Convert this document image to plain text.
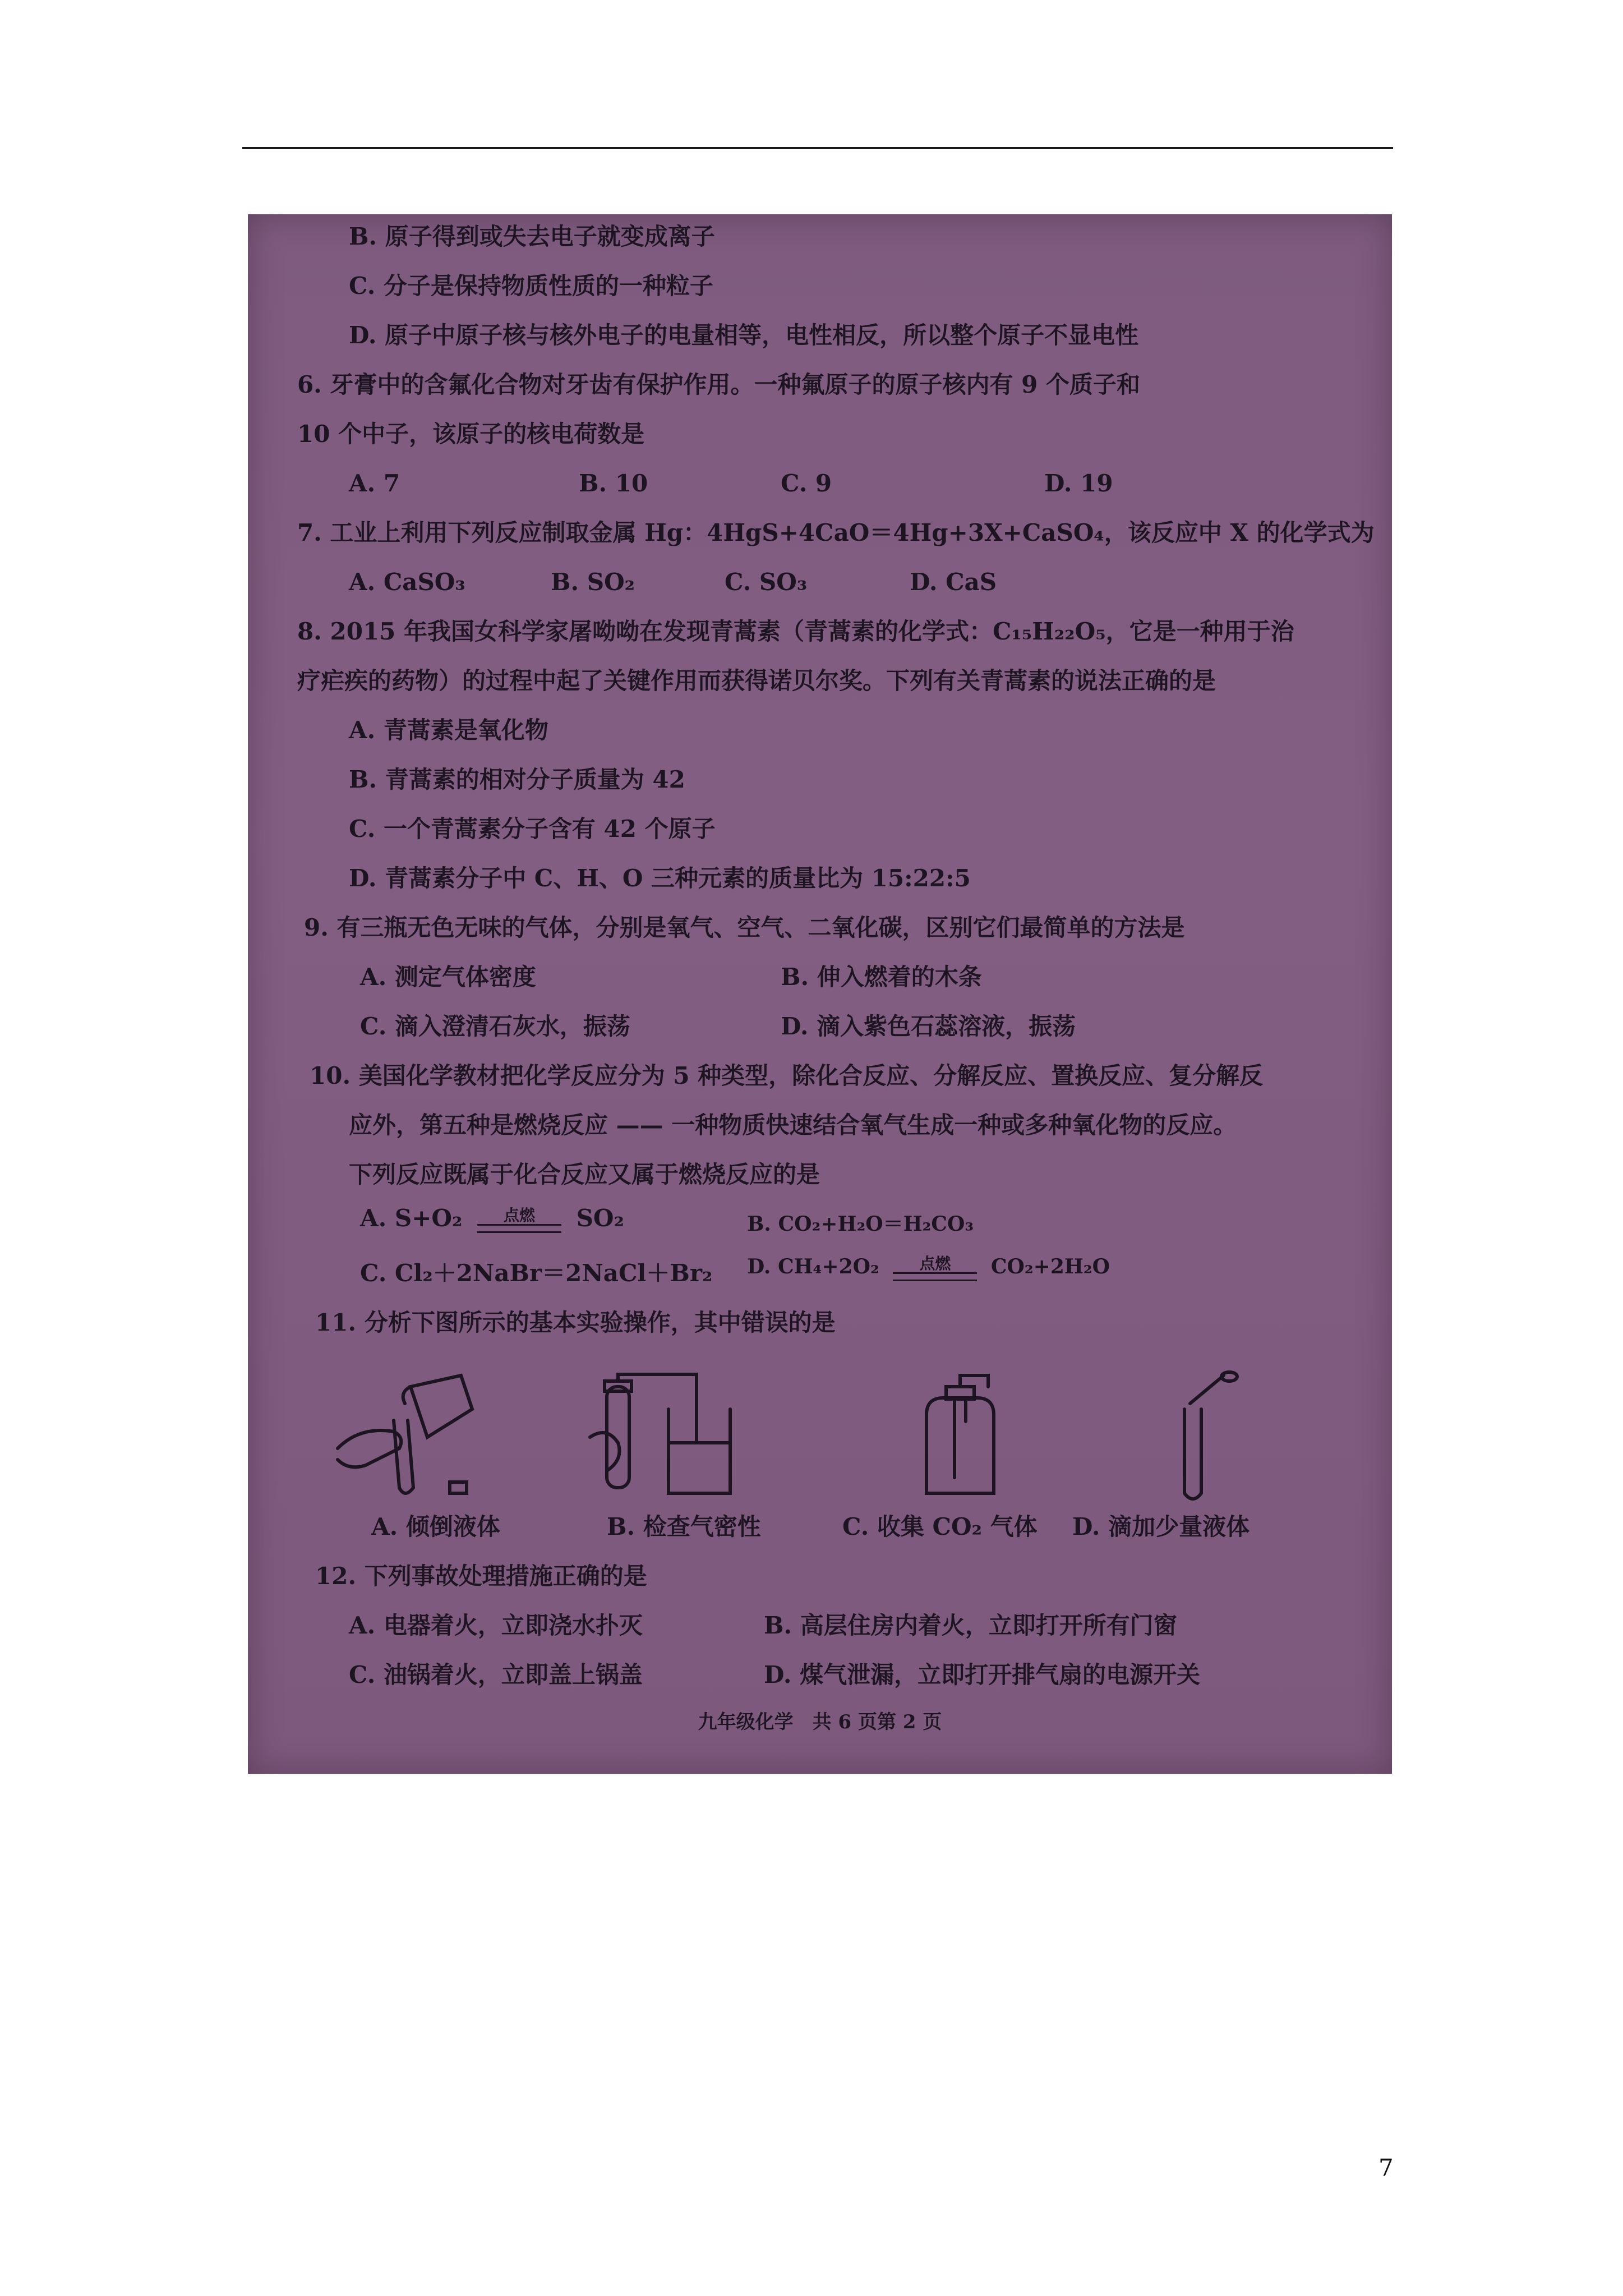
B. 原子得到或失去电子就变成离子
C. 分子是保持物质性质的一种粒子
D. 原子中原子核与核外电子的电量相等，电性相反，所以整个原子不显电性
6. 牙膏中的含氟化合物对牙齿有保护作用。一种氟原子的原子核内有 9 个质子和
10 个中子，该原子的核电荷数是
A. 7	B. 10	C. 9	D. 19
7. 工业上利用下列反应制取金属 Hg：4HgS+4CaO＝4Hg+3X+CaSO₄，该反应中 X 的化学式为
A. CaSO₃	B. SO₂	C. SO₃	D. CaS
8. 2015 年我国女科学家屠呦呦在发现青蒿素（青蒿素的化学式：C₁₅H₂₂O₅，它是一种用于治
疗疟疾的药物）的过程中起了关键作用而获得诺贝尔奖。下列有关青蒿素的说法正确的是
A. 青蒿素是氧化物
B. 青蒿素的相对分子质量为 42
C. 一个青蒿素分子含有 42 个原子
D. 青蒿素分子中 C、H、O 三种元素的质量比为 15:22:5
9. 有三瓶无色无味的气体，分别是氧气、空气、二氧化碳，区别它们最简单的方法是
A. 测定气体密度	B. 伸入燃着的木条
C. 滴入澄清石灰水，振荡	D. 滴入紫色石蕊溶液，振荡
10. 美国化学教材把化学反应分为 5 种类型，除化合反应、分解反应、置换反应、复分解反
应外，第五种是燃烧反应 —— 一种物质快速结合氧气生成一种或多种氧化物的反应。
下列反应既属于化合反应又属于燃烧反应的是
A. S+O₂	点燃	SO₂	B. CO₂+H₂O＝H₂CO₃
C. Cl₂＋2NaBr＝2NaCl＋Br₂ D. CH₄+2O₂	点燃	CO₂+2H₂O
11. 分析下图所示的基本实验操作，其中错误的是
A. 倾倒液体	B. 检查气密性	C. 收集 CO₂ 气体 D. 滴加少量液体
12. 下列事故处理措施正确的是
A. 电器着火，立即浇水扑灭	B. 高层住房内着火，立即打开所有门窗
C. 油锅着火，立即盖上锅盖	D. 煤气泄漏，立即打开排气扇的电源开关
九年级化学　共 6 页第 2 页
7
